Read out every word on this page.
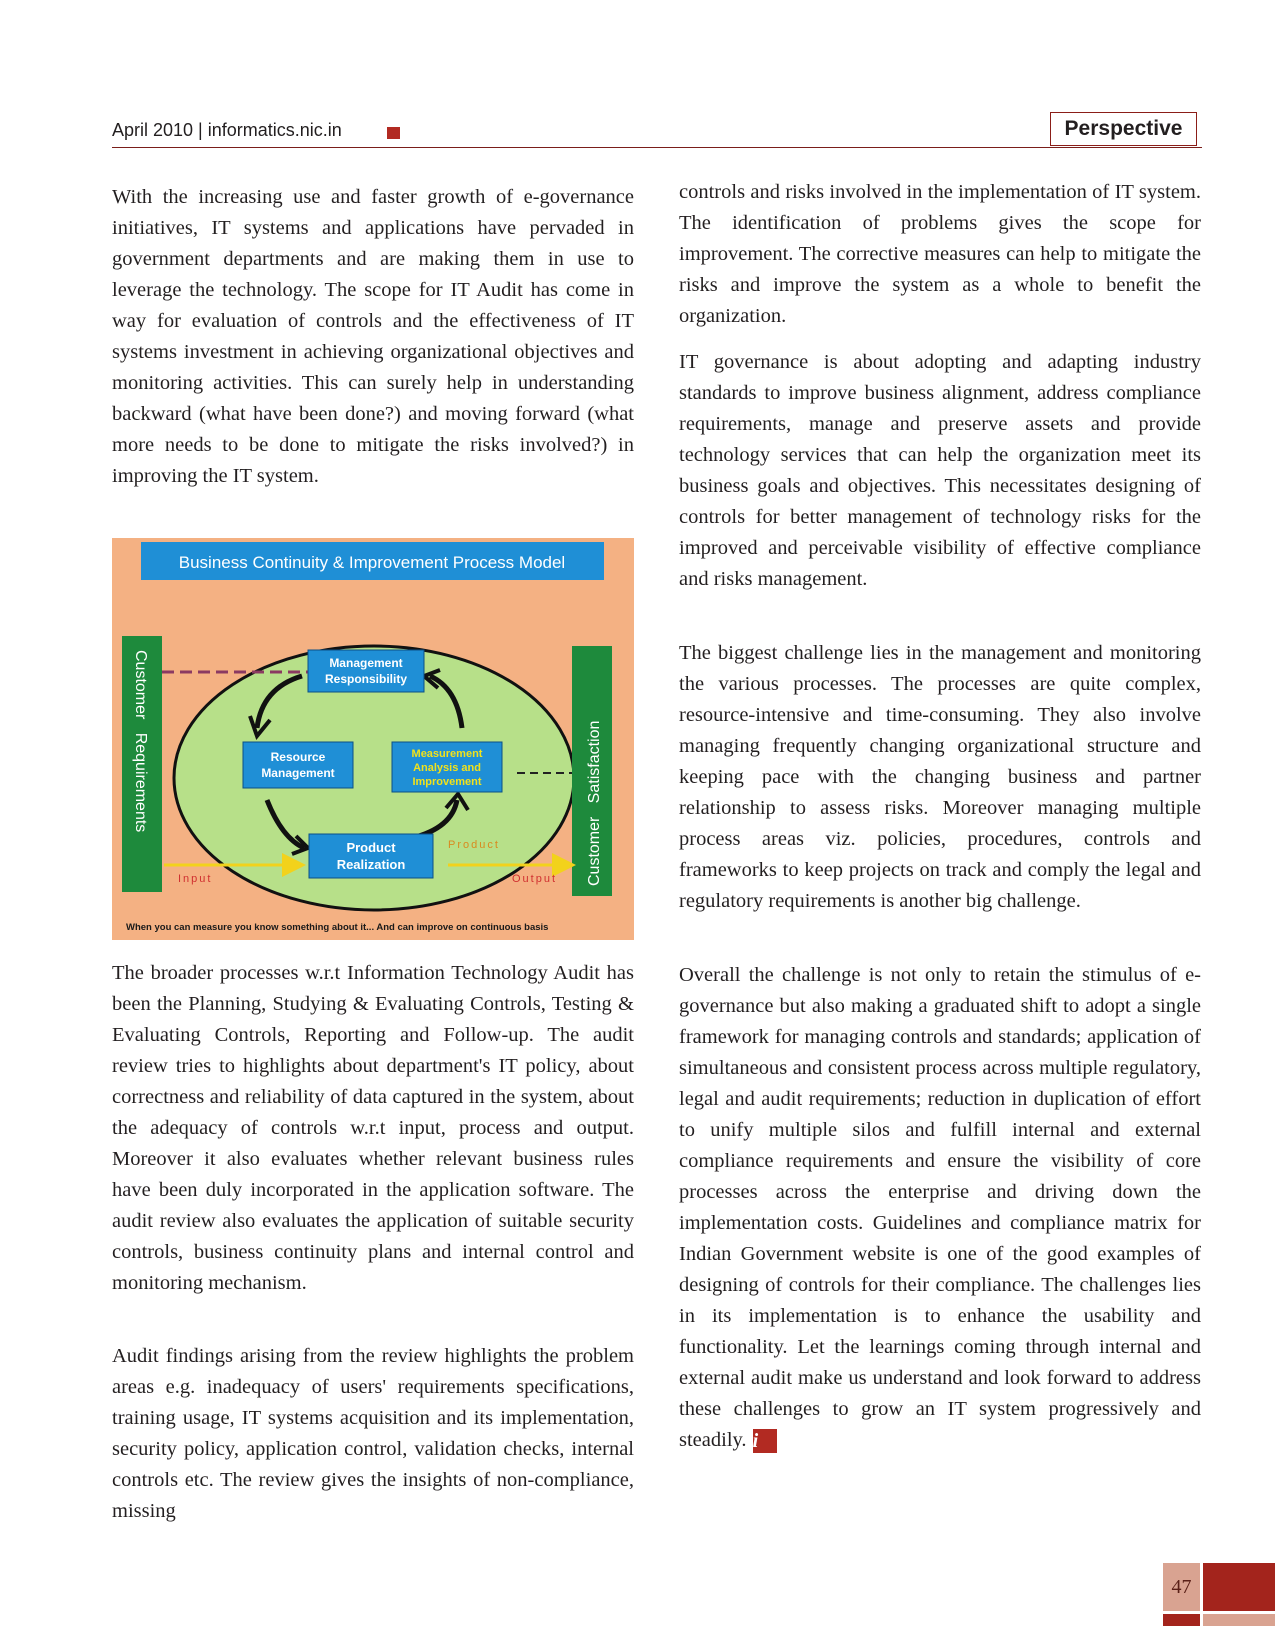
April 2010 | informatics.nic.in	Perspective

With the increasing use and faster growth of e-governance initiatives, IT systems and applications have pervaded in government departments and are making them in use to leverage the technology. The scope for IT Audit has come in way for evaluation of controls and the effectiveness of IT systems investment in achieving organizational objectives and monitoring activities. This can surely help in understanding backward (what have been done?) and moving forward (what more needs to be done to mitigate the risks involved?) in improving the IT system.

Business Continuity & Improvement Process Model
Customer   Requirements	Customer   Satisfaction
Input	Output
Product
Management
Responsibility
Resource
Management
Measurement
Analysis and
Improvement
Product
Realization
When you can measure you know something about it... And can improve on continuous basis

The broader processes w.r.t Information Technology Audit has been the Planning, Studying & Evaluating Controls, Testing & Evaluating Controls, Reporting and Follow-up. The audit review tries to highlights about department's IT policy, about correctness and reliability of data captured in the system, about the adequacy of controls w.r.t input, process and output. Moreover it also evaluates whether relevant business rules have been duly incorporated in the application software. The audit review also evaluates the application of suitable security controls, business continuity plans and internal control and monitoring mechanism.

Audit findings arising from the review highlights the problem areas e.g. inadequacy of users' requirements specifications, training usage, IT systems acquisition and its implementation, security policy, application control, validation checks, internal controls etc. The review gives the insights of non-compliance, missing

controls and risks involved in the implementation of IT system. The identification of problems gives the scope for improvement. The corrective measures can help to mitigate the risks and improve the system as a whole to benefit the organization.

IT governance is about adopting and adapting industry standards to improve business alignment, address compliance requirements, manage and preserve assets and provide technology services that can help the organization meet its business goals and objectives. This necessitates designing of controls for better management of technology risks for the improved and perceivable visibility of effective compliance and risks management.

The biggest challenge lies in the management and monitoring the various processes. The processes are quite complex, resource-intensive and time-consuming. They also involve managing frequently changing organizational structure and keeping pace with the changing business and partner relationship to assess risks. Moreover managing multiple process areas viz. policies, procedures, controls and frameworks to keep projects on track and comply the legal and regulatory requirements is another big challenge.

Overall the challenge is not only to retain the stimulus of e-governance but also making a graduated shift to adopt a single framework for managing controls and standards; application of simultaneous and consistent process across multiple regulatory, legal and audit requirements; reduction in duplication of effort to unify multiple silos and fulfill internal and external compliance requirements and ensure the visibility of core processes across the enterprise and driving down the implementation costs. Guidelines and compliance matrix for Indian Government website is one of the good examples of designing of controls for their compliance. The challenges lies in its implementation is to enhance the usability and functionality. Let the learnings coming through internal and external audit make us understand and look forward to address these challenges to grow an IT system progressively and steadily. i

47
